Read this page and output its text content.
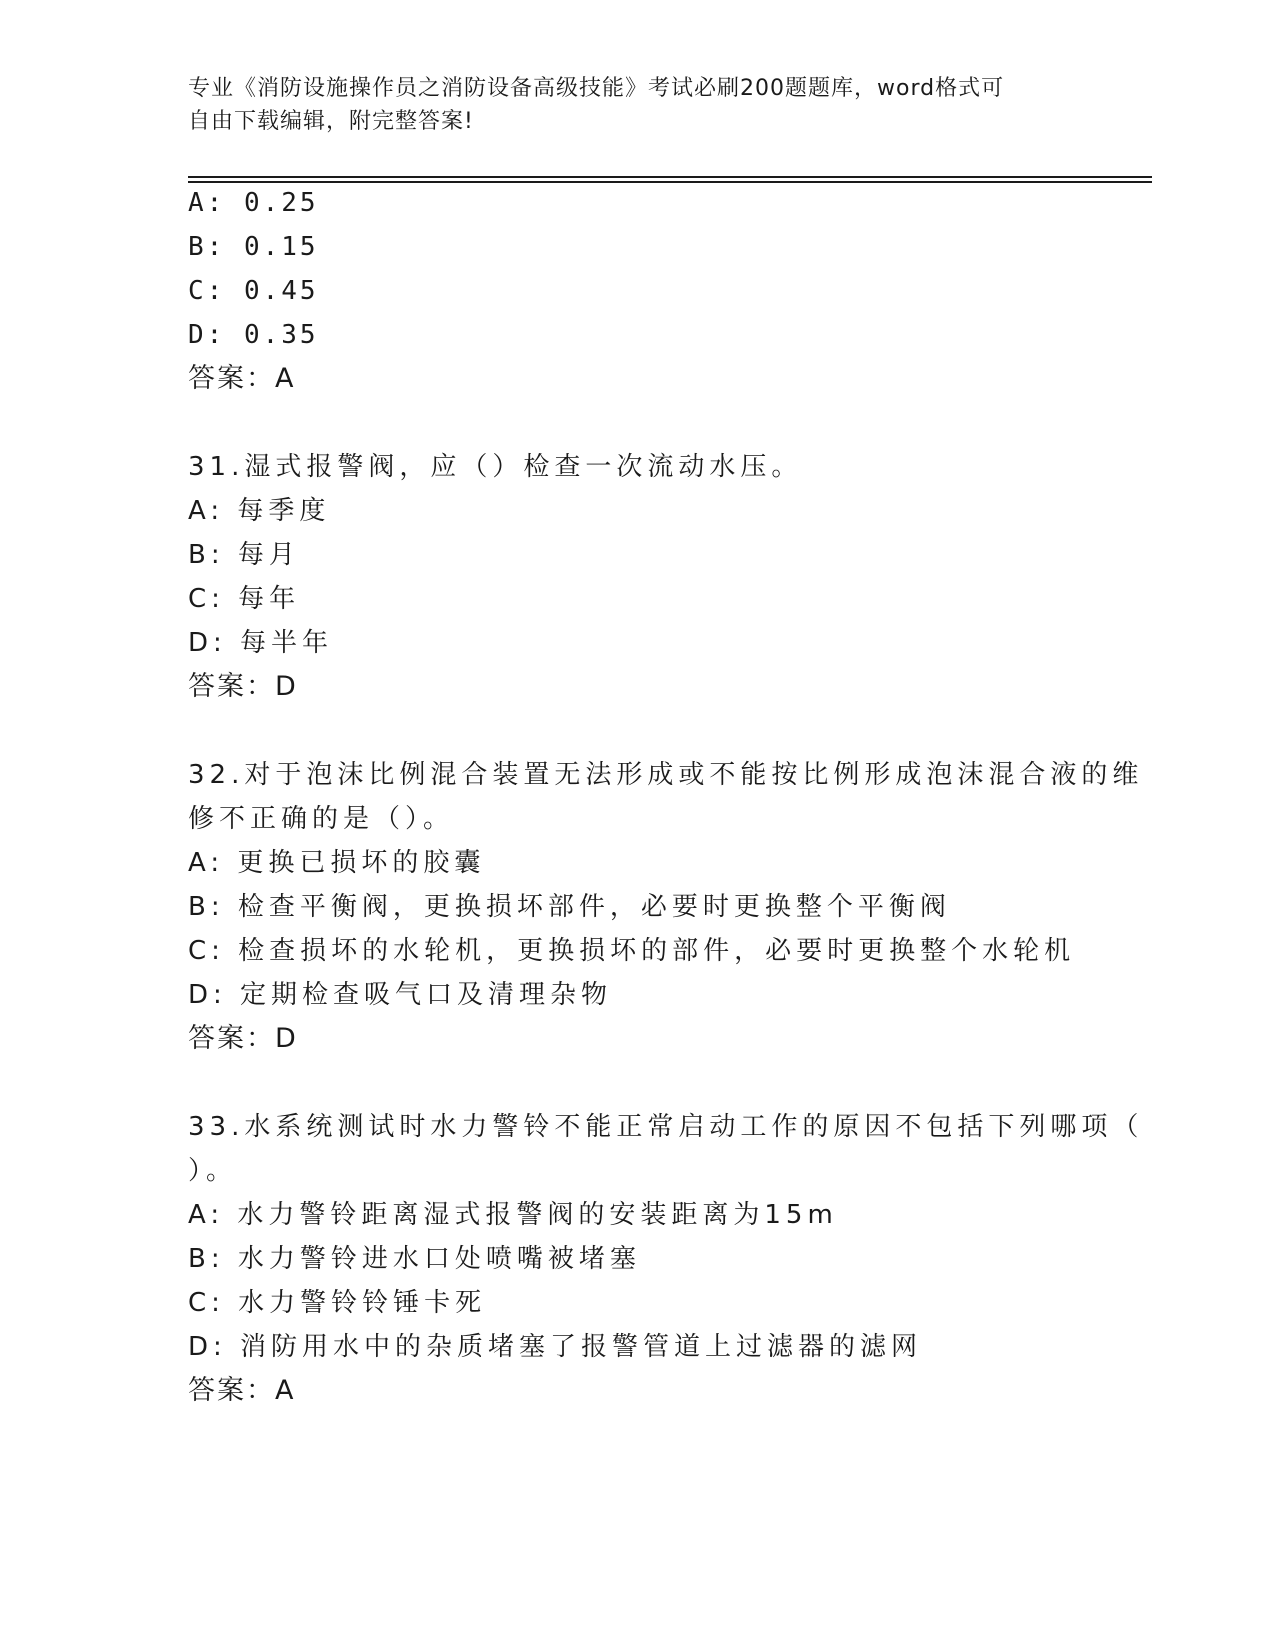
专业《消防设施操作员之消防设备高级技能》考试必刷200题题库，word格式可
自由下载编辑，附完整答案!
A: 0.25
B: 0.15
C: 0.45
D: 0.35
答案：A
31.湿式报警阀，应（）检查一次流动水压。
A: 每季度
B: 每月
C: 每年
D: 每半年
答案：D
32.对于泡沫比例混合装置无法形成或不能按比例形成泡沫混合液的维
修不正确的是（）。
A: 更换已损坏的胶囊
B: 检查平衡阀，更换损坏部件，必要时更换整个平衡阀
C: 检查损坏的水轮机，更换损坏的部件，必要时更换整个水轮机
D: 定期检查吸气口及清理杂物
答案：D
33.水系统测试时水力警铃不能正常启动工作的原因不包括下列哪项（
）。
A: 水力警铃距离湿式报警阀的安装距离为15m
B: 水力警铃进水口处喷嘴被堵塞
C: 水力警铃铃锤卡死
D: 消防用水中的杂质堵塞了报警管道上过滤器的滤网
答案：A
